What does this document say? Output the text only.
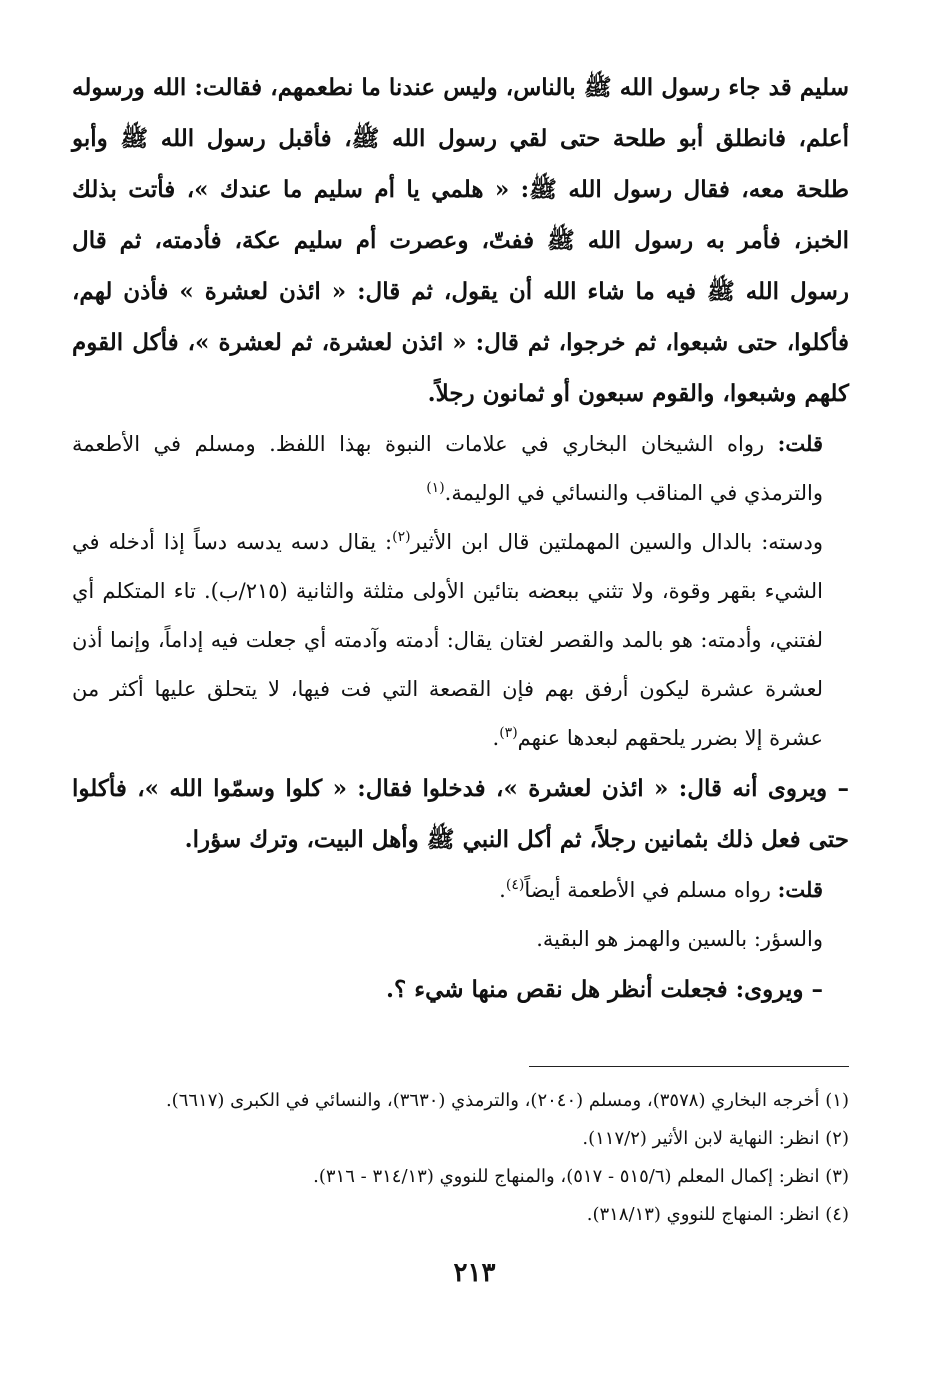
سليم قد جاء رسول الله ﷺ بالناس، وليس عندنا ما نطعمهم، فقالت: الله ورسوله أعلم، فانطلق أبو طلحة حتى لقي رسول الله ﷺ، فأقبل رسول الله ﷺ وأبو طلحة معه، فقال رسول الله ﷺ: « هلمي يا أم سليم ما عندك »، فأتت بذلك الخبز، فأمر به رسول الله ﷺ ففتّ، وعصرت أم سليم عكة، فأدمته، ثم قال رسول الله ﷺ فيه ما شاء الله أن يقول، ثم قال: « ائذن لعشرة » فأذن لهم، فأكلوا، حتى شبعوا، ثم خرجوا، ثم قال: « ائذن لعشرة، ثم لعشرة »، فأكل القوم كلهم وشبعوا، والقوم سبعون أو ثمانون رجلاً.

قلت: رواه الشيخان البخاري في علامات النبوة بهذا اللفظ. ومسلم في الأطعمة والترمذي في المناقب والنسائي في الوليمة.$^{(١)}$

ودسته: بالدال والسين المهملتين قال ابن الأثير$^{(٢)}$: يقال دسه يدسه دساً إذا أدخله في الشيء بقهر وقوة، ولا تثني ببعضه بتائين الأولى مثلثة والثانية (٢١٥/ب). تاء المتكلم أي لفتني، وأدمته: هو بالمد والقصر لغتان يقال: أدمته وآدمته أي جعلت فيه إداماً، وإنما أذن لعشرة عشرة ليكون أرفق بهم فإن القصعة التي فت فيها، لا يتحلق عليها أكثر من عشرة إلا بضرر يلحقهم لبعدها عنهم$^{(٣)}$.

– ويروى أنه قال: « ائذن لعشرة »، فدخلوا فقال: « كلوا وسمّوا الله »، فأكلوا حتى فعل ذلك بثمانين رجلاً، ثم أكل النبي ﷺ وأهل البيت، وترك سؤرا.

قلت: رواه مسلم في الأطعمة أيضاً$^{(٤)}$.

والسؤر: بالسين والهمز هو البقية.

– ويروى: فجعلت أنظر هل نقص منها شيء ؟.

(١) أخرجه البخاري (٣٥٧٨)، ومسلم (٢٠٤٠)، والترمذي (٣٦٣٠)، والنسائي في الكبرى (٦٦١٧).

(٢) انظر: النهاية لابن الأثير (١١٧/٢).

(٣) انظر: إكمال المعلم (٥١٥/٦ - ٥١٧)، والمنهاج للنووي (٣١٤/١٣ - ٣١٦).

(٤) انظر: المنهاج للنووي (٣١٨/١٣).

٢١٣
